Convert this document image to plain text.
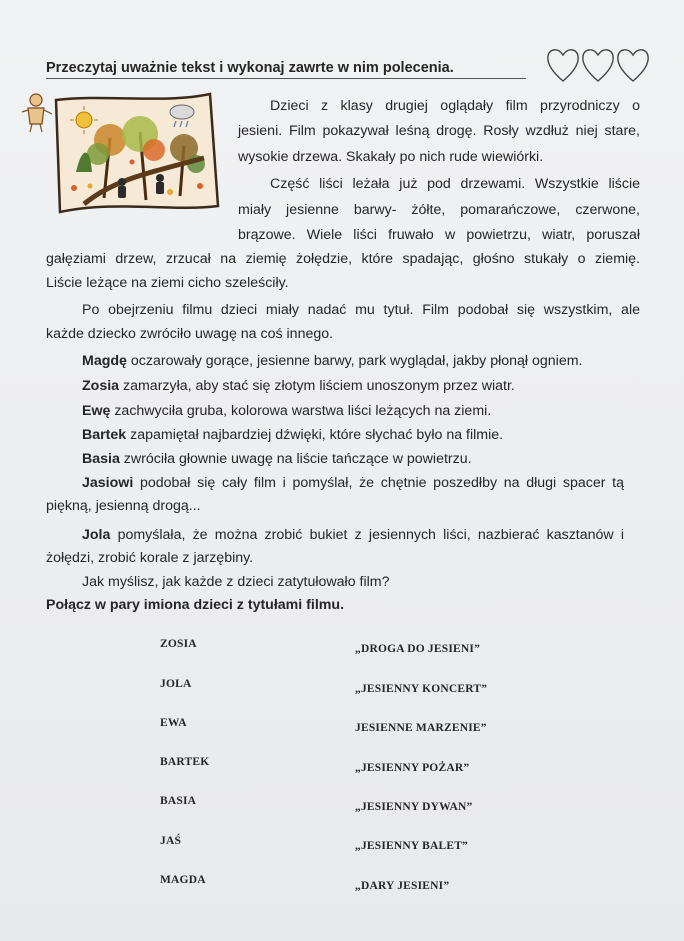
Przeczytaj uważnie tekst i wykonaj zawrte w nim polecenia.
Dzieci z klasy drugiej oglądały film przyrodniczy o
jesieni. Film pokazywał leśną drogę. Rosły wzdłuż niej stare,
wysokie drzewa. Skakały po nich rude wiewiórki.
Część liści leżała już pod drzewami. Wszystkie liście
miały jesienne barwy- żółte, pomarańczowe, czerwone,
brązowe. Wiele liści fruwało w powietrzu, wiatr, poruszał
gałęziami drzew, zrzucał na ziemię żołędzie, które spadając, głośno stukały o ziemię.
Liście leżące na ziemi cicho szeleściły.
Po obejrzeniu filmu dzieci miały nadać mu tytuł. Film podobał się wszystkim, ale
każde dziecko zwróciło uwagę na coś innego.
Magdę oczarowały gorące, jesienne barwy, park wyglądał, jakby płonął ogniem.
Zosia zamarzyła, aby stać się złotym liściem unoszonym przez wiatr.
Ewę zachwyciła gruba, kolorowa warstwa liści leżących na ziemi.
Bartek zapamiętał najbardziej dźwięki, które słychać było na filmie.
Basia zwróciła głownie uwagę na liście tańczące w powietrzu.
Jasiowi podobał się cały film i pomyślał, że chętnie poszedłby na długi spacer tą
piękną, jesienną drogą...
Jola pomyślała, że można zrobić bukiet z jesiennych liści, nazbierać kasztanów i
żołędzi, zrobić korale z jarzębiny.
Jak myślisz, jak każde z dzieci zatytułowało film?
Połącz w pary imiona dzieci z tytułami filmu.
ZOSIA
JOLA
EWA
BARTEK
BASIA
JAŚ
MAGDA
„DROGA DO JESIENI”
„JESIENNY KONCERT”
JESIENNE MARZENIE”
„JESIENNY POŻAR”
„JESIENNY DYWAN”
„JESIENNY BALET”
„DARY JESIENI”
